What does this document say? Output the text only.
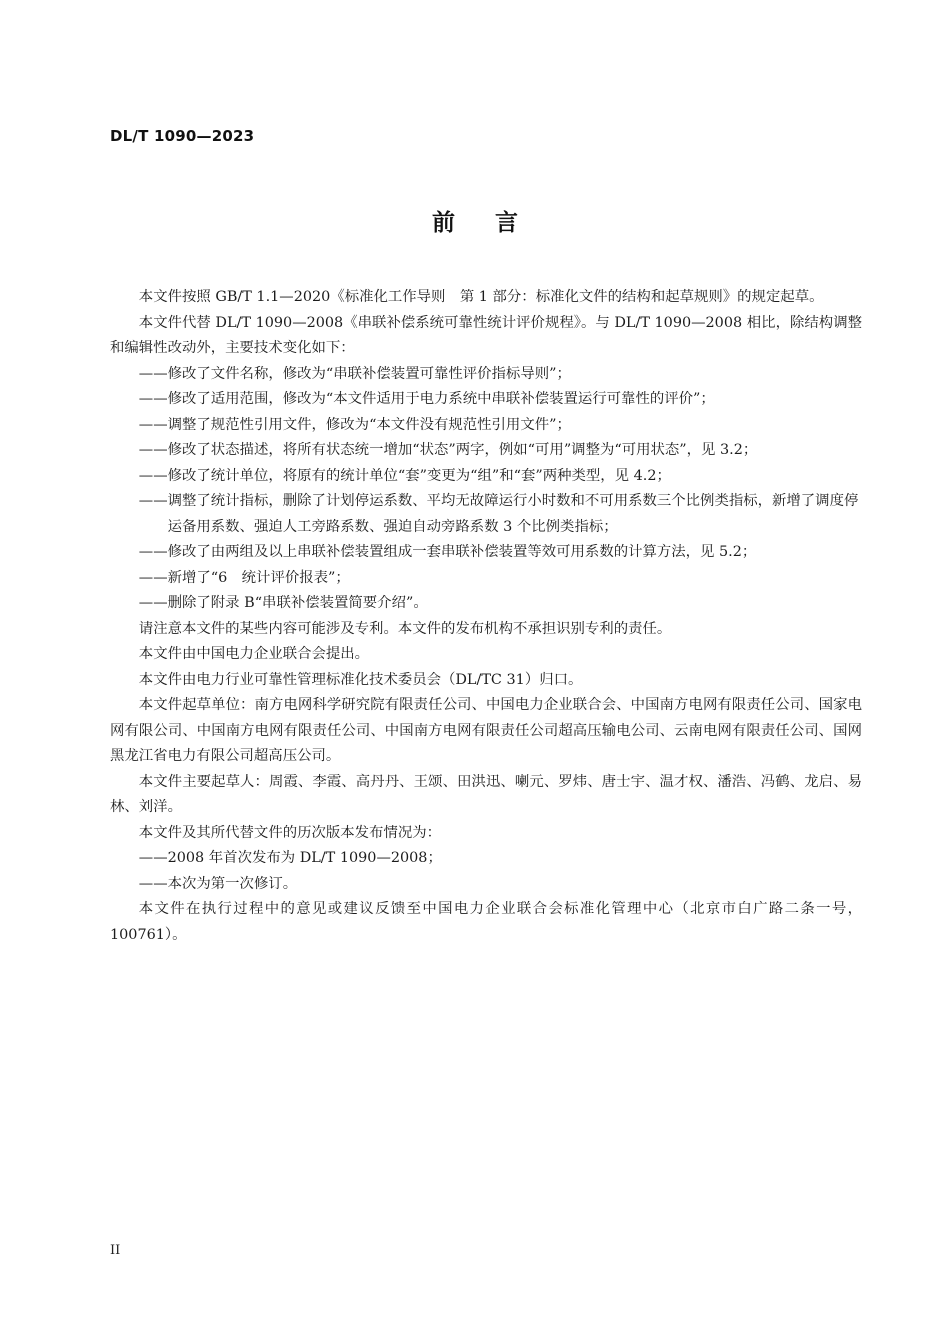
DL/T 1090—2023
前 言

本文件按照 GB/T 1.1—2020《标准化工作导则　第 1 部分：标准化文件的结构和起草规则》的规定起草。

本文件代替 DL/T 1090—2008《串联补偿系统可靠性统计评价规程》。与 DL/T 1090—2008 相比，除结构调整和编辑性改动外，主要技术变化如下：

——修改了文件名称，修改为“串联补偿装置可靠性评价指标导则”；

——修改了适用范围，修改为“本文件适用于电力系统中串联补偿装置运行可靠性的评价”；

——调整了规范性引用文件，修改为“本文件没有规范性引用文件”；

——修改了状态描述，将所有状态统一增加“状态”两字，例如“可用”调整为“可用状态”，见 3.2；

——修改了统计单位，将原有的统计单位“套”变更为“组”和“套”两种类型，见 4.2；

——调整了统计指标，删除了计划停运系数、平均无故障运行小时数和不可用系数三个比例类指标，新增了调度停运备用系数、强迫人工旁路系数、强迫自动旁路系数 3 个比例类指标；

——修改了由两组及以上串联补偿装置组成一套串联补偿装置等效可用系数的计算方法，见 5.2；

——新增了“6　统计评价报表”；

——删除了附录 B“串联补偿装置简要介绍”。

请注意本文件的某些内容可能涉及专利。本文件的发布机构不承担识别专利的责任。

本文件由中国电力企业联合会提出。

本文件由电力行业可靠性管理标准化技术委员会（DL/TC 31）归口。

本文件起草单位：南方电网科学研究院有限责任公司、中国电力企业联合会、中国南方电网有限责任公司、国家电网有限公司、中国南方电网有限责任公司、中国南方电网有限责任公司超高压输电公司、云南电网有限责任公司、国网黑龙江省电力有限公司超高压公司。

本文件主要起草人：周霞、李霞、高丹丹、王颂、田洪迅、喇元、罗炜、唐士宇、温才权、潘浩、冯鹤、龙启、易林、刘洋。

本文件及其所代替文件的历次版本发布情况为：

——2008 年首次发布为 DL/T 1090—2008；

——本次为第一次修订。

本文件在执行过程中的意见或建议反馈至中国电力企业联合会标准化管理中心（北京市白广路二条一号，100761）。

II
